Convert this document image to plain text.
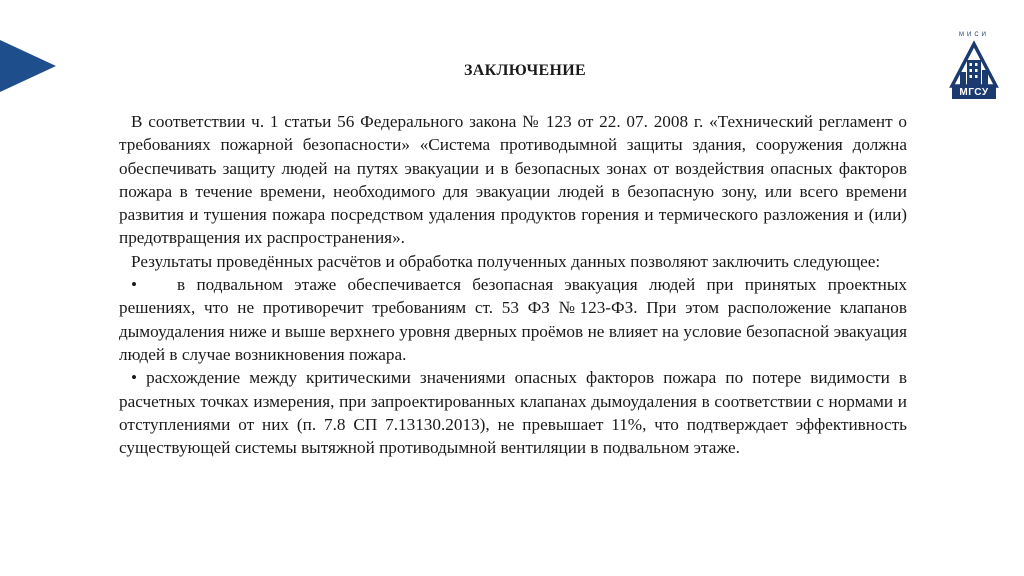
МИСИ
МГСУ
ЗАКЛЮЧЕНИЕ

В соответствии ч. 1 статьи 56 Федерального закона № 123 от 22. 07. 2008 г. «Технический регламент о требованиях пожарной безопасности» «Система противодымной защиты здания, сооружения должна обеспечивать защиту людей на путях эвакуации и в безопасных зонах от воздействия опасных факторов пожара в течение времени, необходимого для эвакуации людей в безопасную зону, или всего времени развития и тушения пожара посредством удаления продуктов горения и термического разложения и (или) предотвращения их распространения».

Результаты проведённых расчётов и обработка полученных данных позволяют заключить следующее:

• в подвальном этаже обеспечивается безопасная эвакуация людей при принятых проектных решениях, что не противоречит требованиям ст. 53 ФЗ №123-ФЗ. При этом расположение клапанов дымоудаления ниже и выше верхнего уровня дверных проёмов не влияет на условие безопасной эвакуация людей в случае возникновения пожара.

• расхождение между критическими значениями опасных факторов пожара по потере видимости в расчетных точках измерения, при запроектированных клапанах дымоудаления в соответствии с нормами и отступлениями от них (п. 7.8 СП 7.13130.2013), не превышает 11%, что подтверждает эффективность существующей системы вытяжной противодымной вентиляции в подвальном этаже.
